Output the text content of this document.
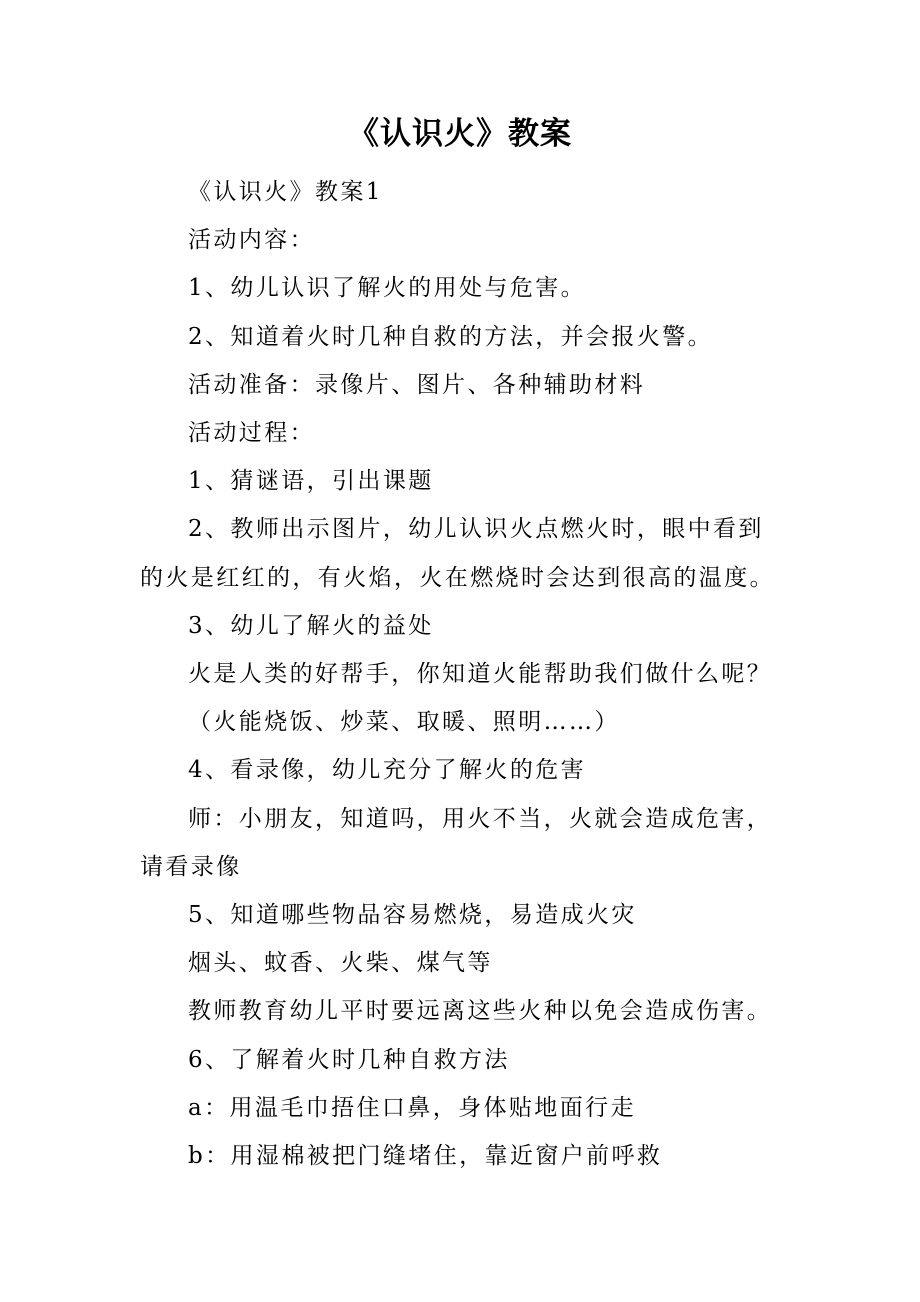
《认识火》教案

《认识火》教案1

活动内容：

1、幼儿认识了解火的用处与危害。

2、知道着火时几种自救的方法，并会报火警。

活动准备：录像片、图片、各种辅助材料

活动过程：

1、猜谜语，引出课题

2、教师出示图片，幼儿认识火点燃火时，眼中看到的火是红红的，有火焰，火在燃烧时会达到很高的温度。

3、幼儿了解火的益处

火是人类的好帮手，你知道火能帮助我们做什么呢？

（火能烧饭、炒菜、取暖、照明……）

4、看录像，幼儿充分了解火的危害

师：小朋友，知道吗，用火不当，火就会造成危害，请看录像

5、知道哪些物品容易燃烧，易造成火灾

烟头、蚊香、火柴、煤气等

教师教育幼儿平时要远离这些火种以免会造成伤害。

6、了解着火时几种自救方法

a：用温毛巾捂住口鼻，身体贴地面行走

b：用湿棉被把门缝堵住，靠近窗户前呼救
